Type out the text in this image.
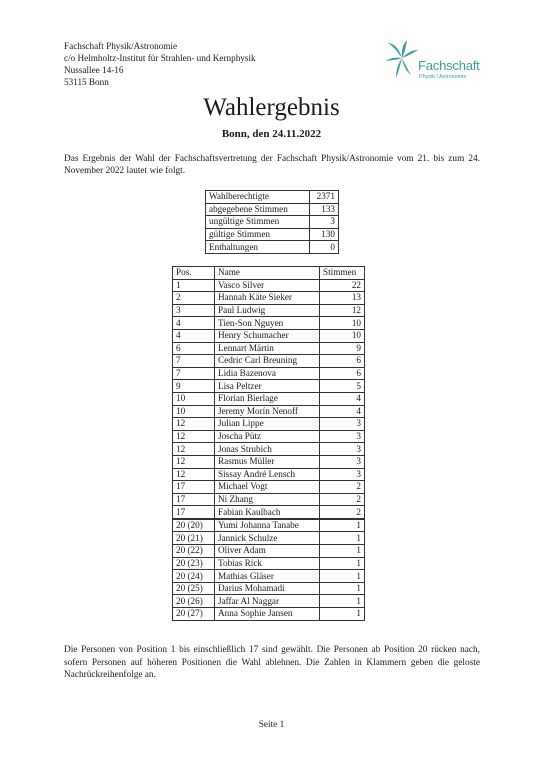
Fachschaft Physik/Astronomie
c/o Helmholtz-Institut für Strahlen- und Kernphysik
Nussallee 14-16
53115 Bonn
Fachschaft
Physik / Astronomie
Wahlergebnis
Bonn, den 24.11.2022
Das Ergebnis der Wahl der Fachschaftsvertretung der Fachschaft Physik/Astronomie vom 21. bis zum 24. November 2022 lautet wie folgt.
Wahlberechtigte	2371
abgegebene Stimmen	133
ungültige Stimmen	3
gültige Stimmen	130
Enthaltungen	0
Pos.	Name	Stimmen
1	Vasco Silver	22
2	Hannah Käte Sieker	13
3	Paul Ludwig	12
4	Tien-Son Nguyen	10
4	Henry Schumacher	10
6	Lennart Märtin	9
7	Cedric Carl Breuning	6
7	Lidia Bazenova	6
9	Lisa Peltzer	5
10	Florian Bierlage	4
10	Jeremy Morín Nenoff	4
12	Julian Lippe	3
12	Joscha Pütz	3
12	Jonas Strubich	3
12	Rasmus Müller	3
12	Sissay André Lensch	3
17	Michael Vogt	2
17	Ni Zhang	2
17	Fabian Kaulbach	2
20 (20)	Yumi Johanna Tanabe	1
20 (21)	Jannick Schulze	1
20 (22)	Oliver Adam	1
20 (23)	Tobias Rick	1
20 (24)	Mathias Gläser	1
20 (25)	Darius Mohamadi	1
20 (26)	Jaffar Al Naggar	1
20 (27)	Anna Sophie Jansen	1
Die Personen von Position 1 bis einschließlich 17 sind gewählt. Die Personen ab Position 20 rücken nach, sofern Personen auf höheren Positionen die Wahl ablehnen. Die Zahlen in Klammern geben die geloste Nachrückreihenfolge an.
Seite 1
